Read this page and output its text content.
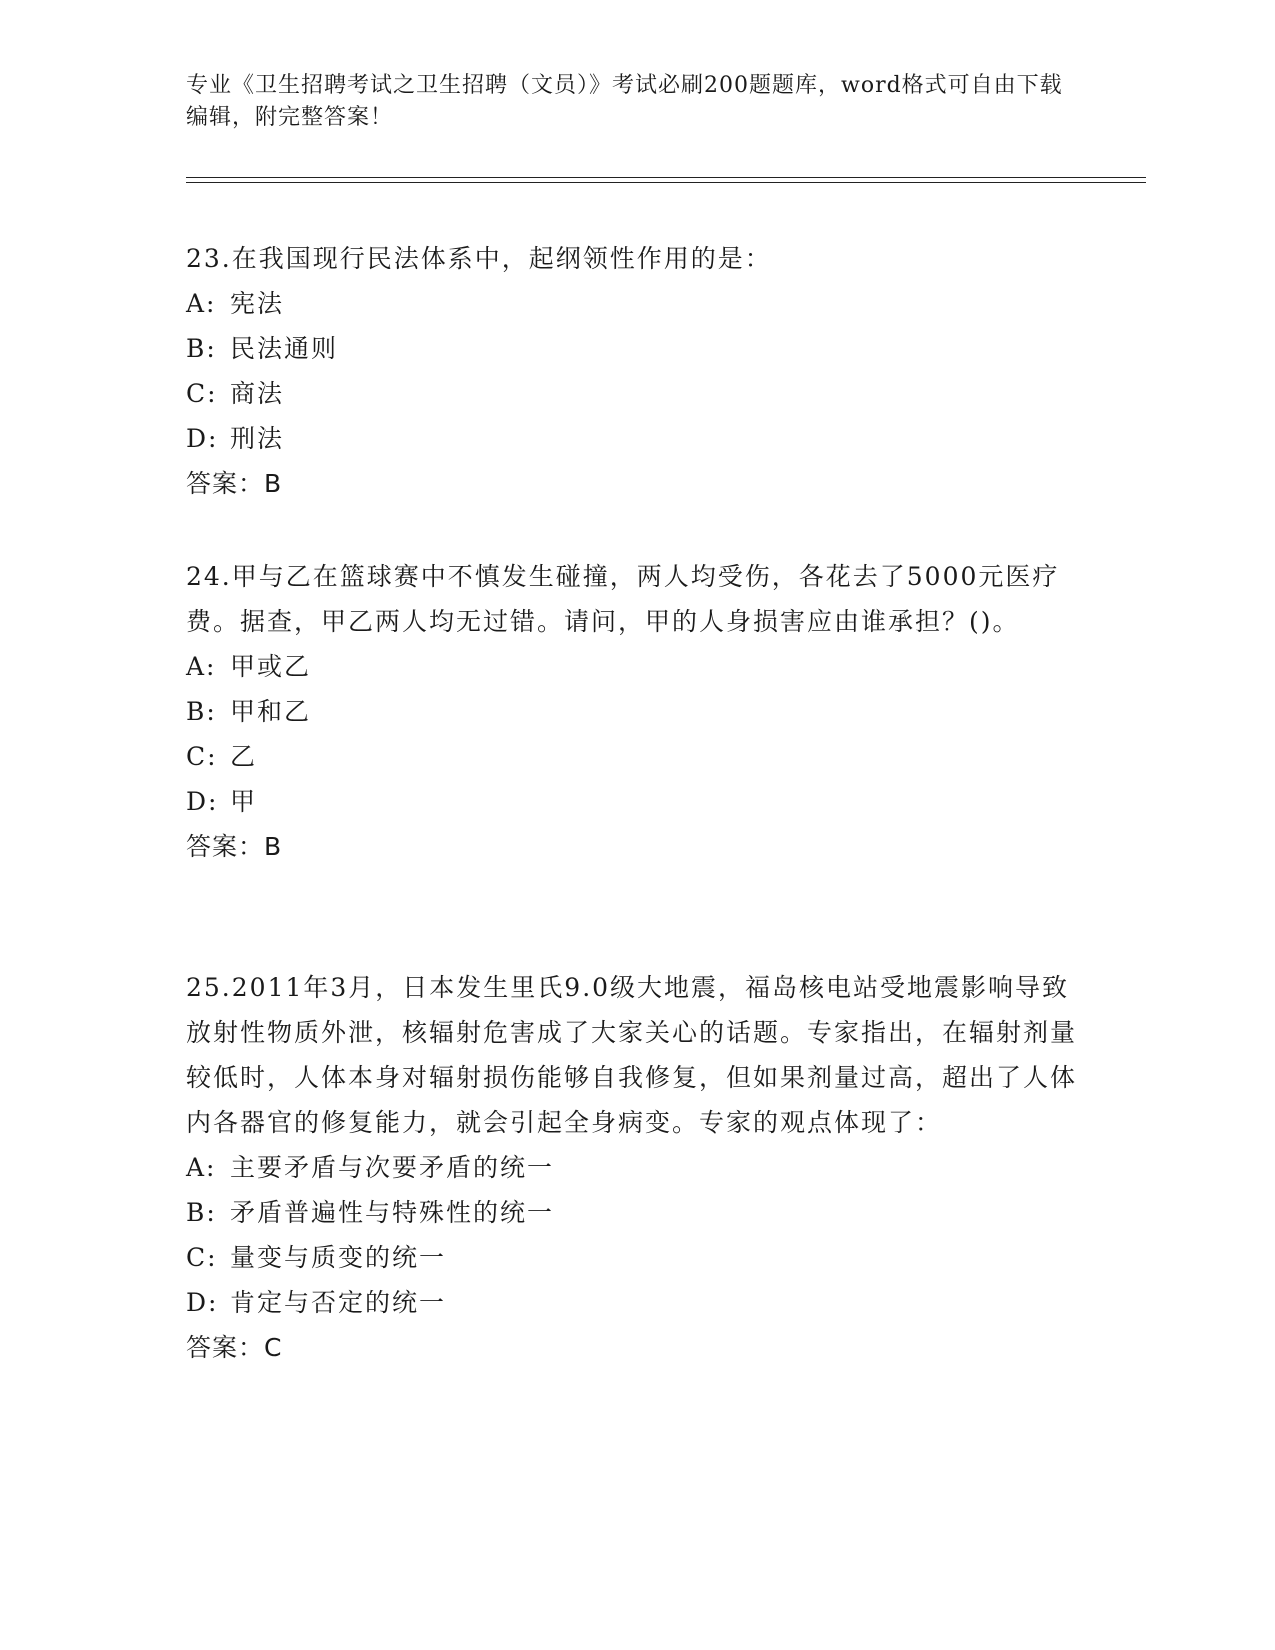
专业《卫生招聘考试之卫生招聘（文员）》考试必刷200题题库，word格式可自由下载编辑，附完整答案！

23.在我国现行民法体系中，起纲领性作用的是：

A: 宪法

B: 民法通则

C: 商法

D: 刑法

答案：B

24.甲与乙在篮球赛中不慎发生碰撞，两人均受伤，各花去了5000元医疗费。据查，甲乙两人均无过错。请问，甲的人身损害应由谁承担？()。

A: 甲或乙

B: 甲和乙

C: 乙

D: 甲

答案：B

25.2011年3月，日本发生里氏9.0级大地震，福岛核电站受地震影响导致放射性物质外泄，核辐射危害成了大家关心的话题。专家指出，在辐射剂量较低时，人体本身对辐射损伤能够自我修复，但如果剂量过高，超出了人体内各器官的修复能力，就会引起全身病变。专家的观点体现了：

A: 主要矛盾与次要矛盾的统一

B: 矛盾普遍性与特殊性的统一

C: 量变与质变的统一

D: 肯定与否定的统一

答案：C
